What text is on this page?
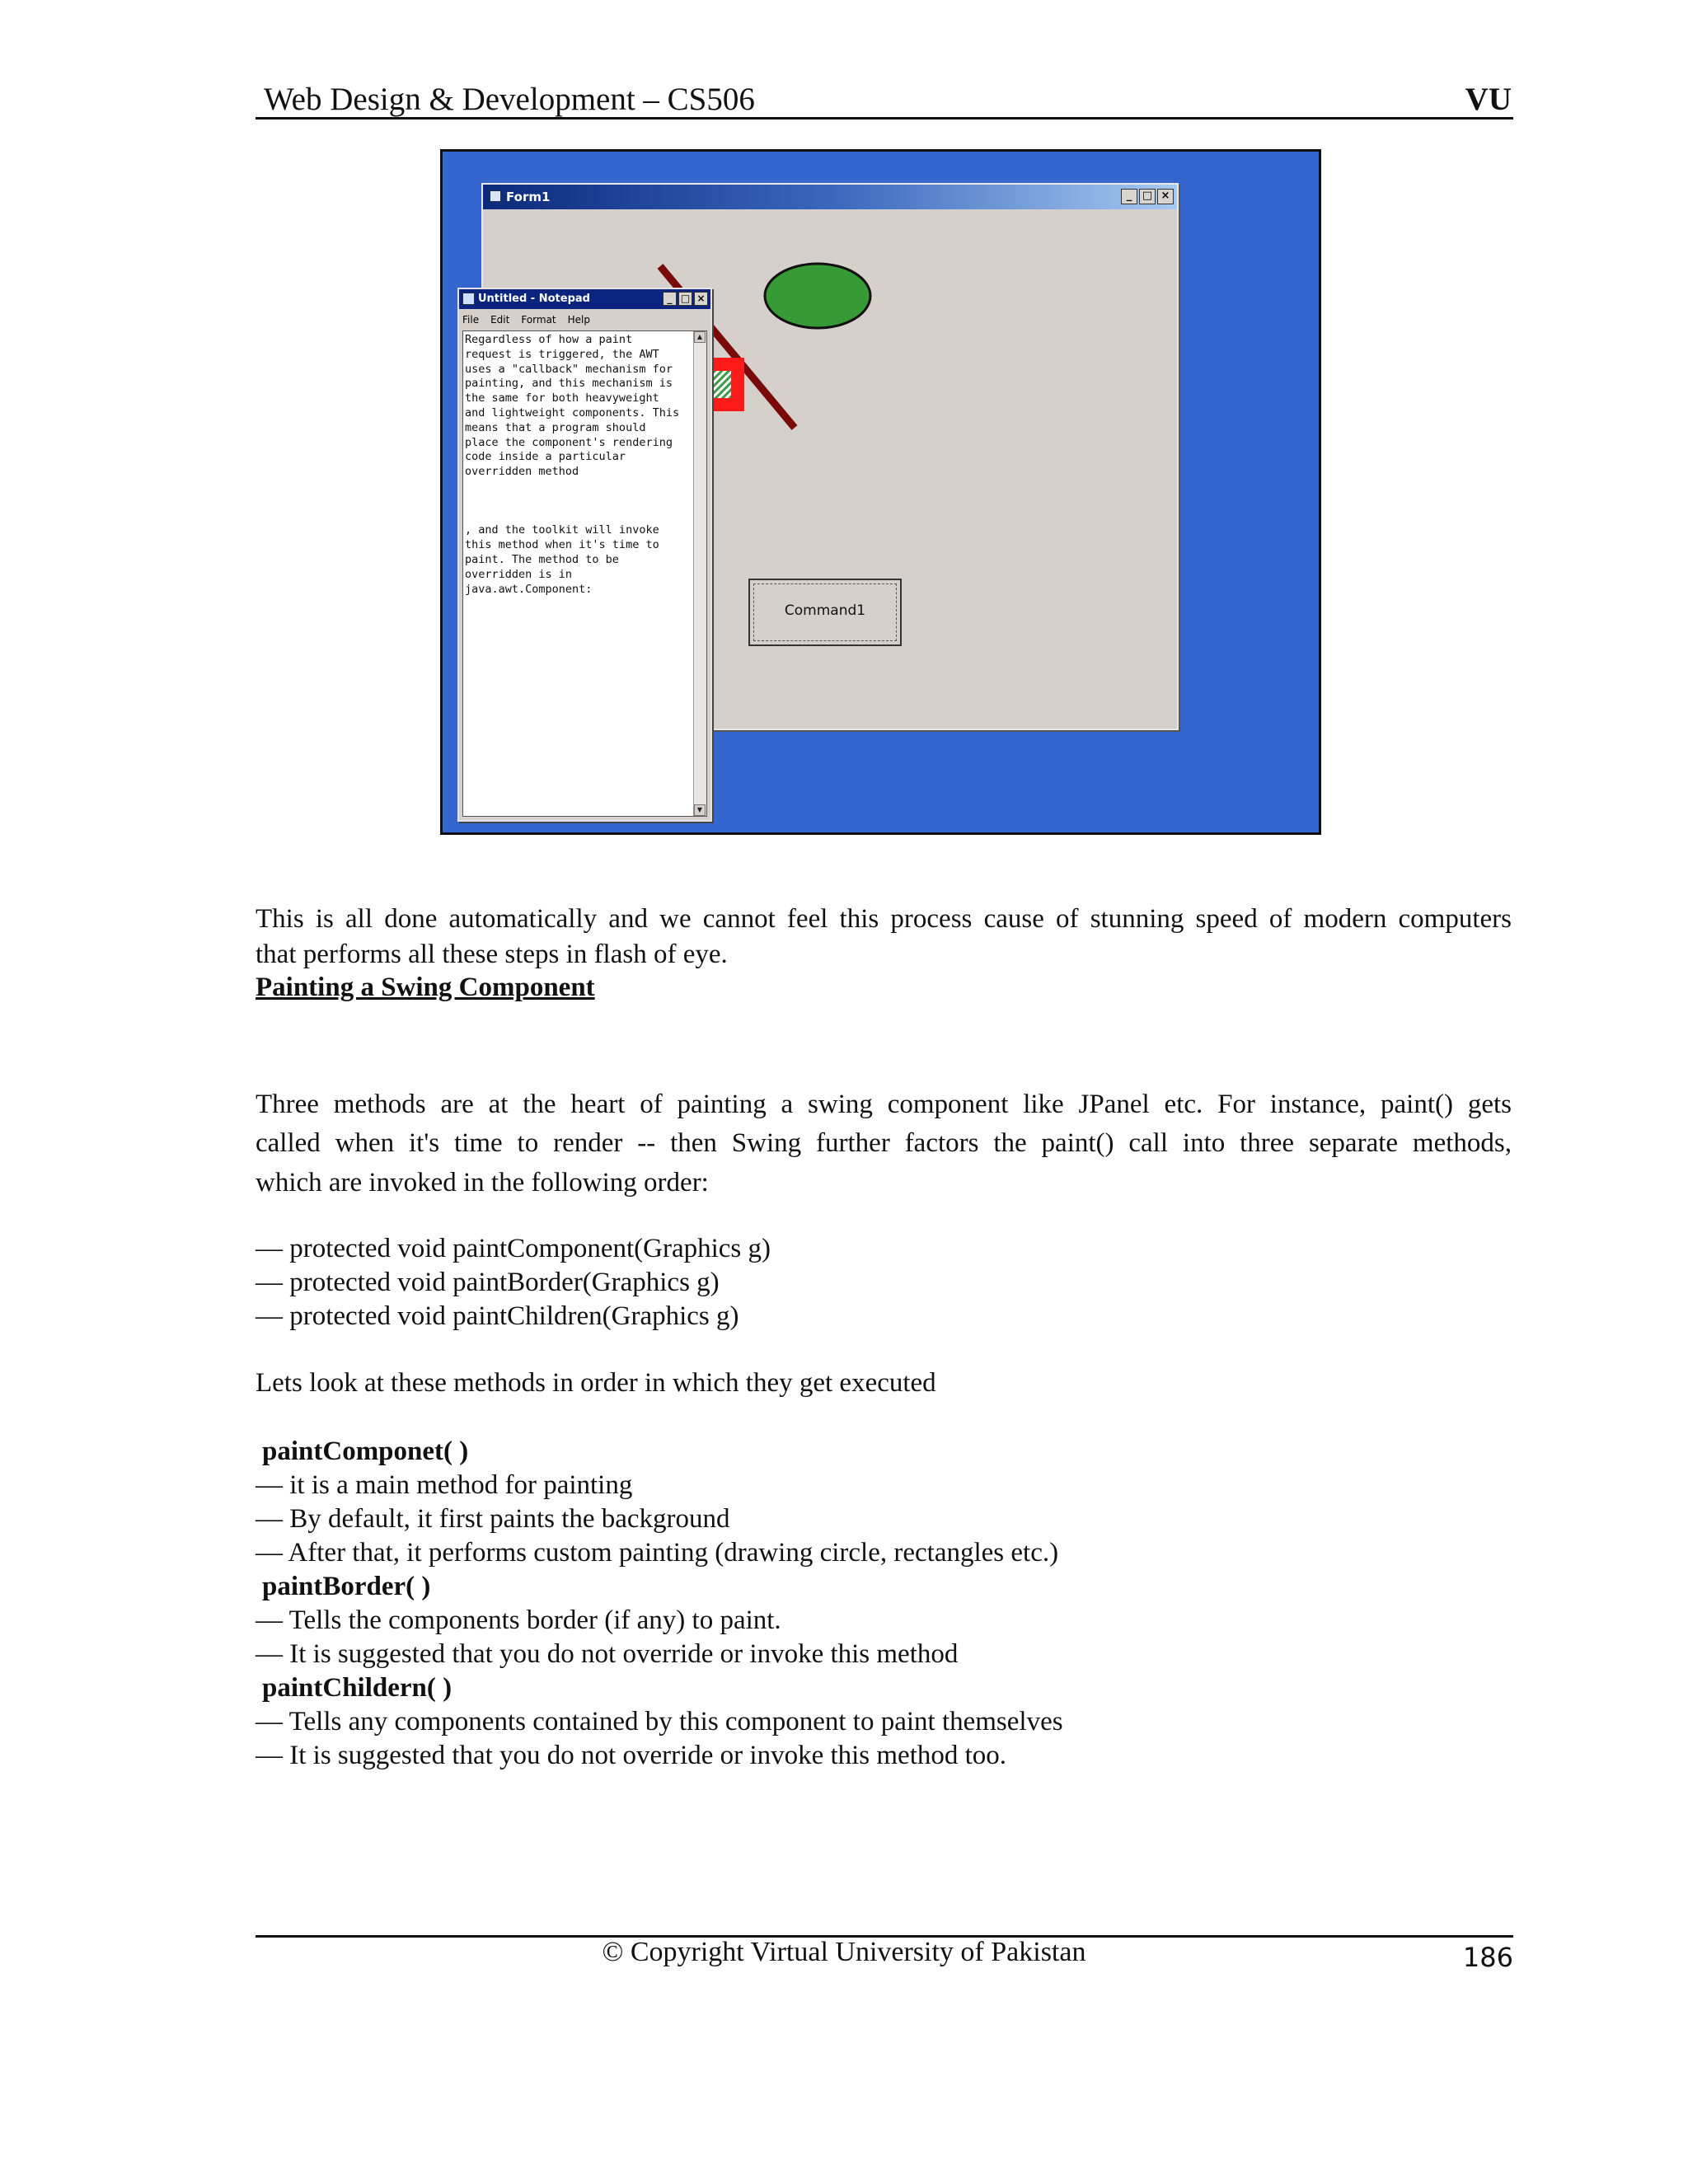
Web Design & Development – CS506	VU
Form1	_ □ ×
Command1
Untitled - Notepad	_ □ ×
File Edit Format Help
Regardless of how a paint
request is triggered, the AWT
uses a "callback" mechanism for
painting, and this mechanism is
the same for both heavyweight
and lightweight components. This
means that a program should
place the component's rendering
code inside a particular
overridden method

, and the toolkit will invoke
this method when it's time to
paint. The method to be
overridden is in
java.awt.Component:
▲
▼
This is all done automatically and we cannot feel this process cause of stunning speed of modern computers
that performs all these steps in flash of eye.
Painting a Swing Component
Three methods are at the heart of painting a swing component like JPanel etc. For instance, paint() gets
called when it's time to render -- then Swing further factors the paint() call into three separate methods,
which are invoked in the following order:
— protected void paintComponent(Graphics g)
— protected void paintBorder(Graphics g)
— protected void paintChildren(Graphics g)
Lets look at these methods in order in which they get executed
paintComponet( )
— it is a main method for painting
— By default, it first paints the background
— After that, it performs custom painting (drawing circle, rectangles etc.)
paintBorder( )
— Tells the components border (if any) to paint.
— It is suggested that you do not override or invoke this method
paintChildern( )
— Tells any components contained by this component to paint themselves
— It is suggested that you do not override or invoke this method too.
© Copyright Virtual University of Pakistan	186
